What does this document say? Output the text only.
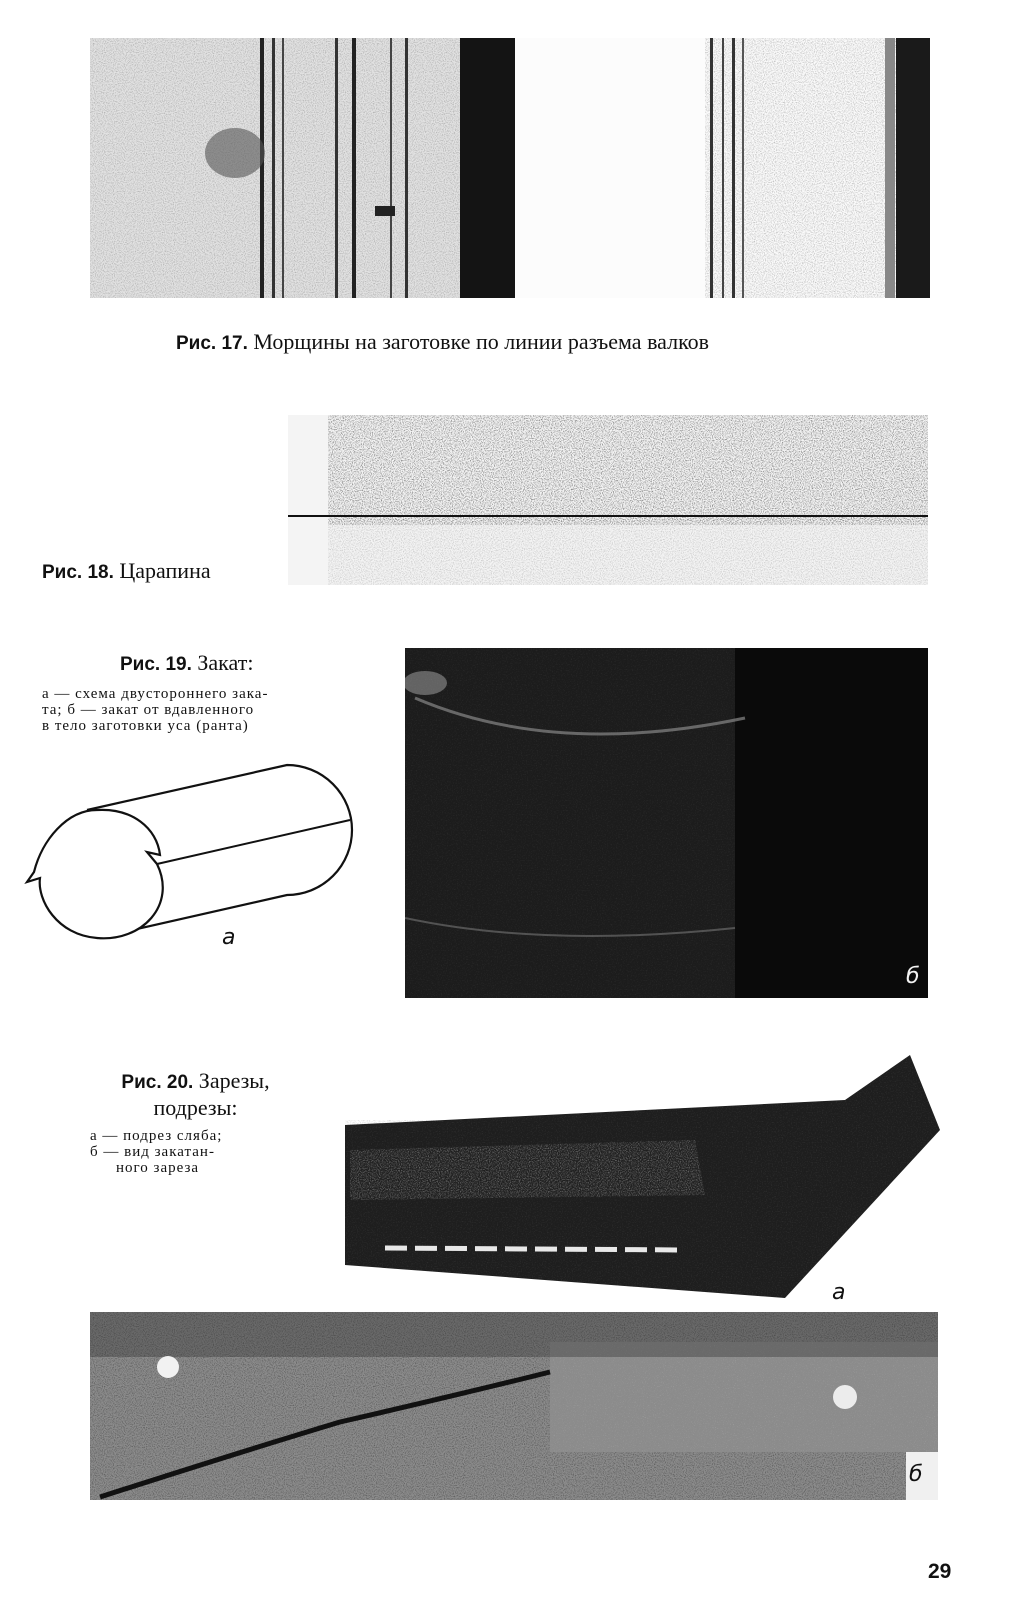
Рис. 17. Морщины на заготовке по линии разъема валков
Рис. 18. Царапина
Рис. 19. Закат:
а — схема двустороннего зака-
та; б — закат от вдавленного
в тело заготовки уса (ранта)
а
б
Рис. 20. Зарезы,
подрезы:
а — подрез сляба;
б — вид закатан-
ного зареза
а
б
29
